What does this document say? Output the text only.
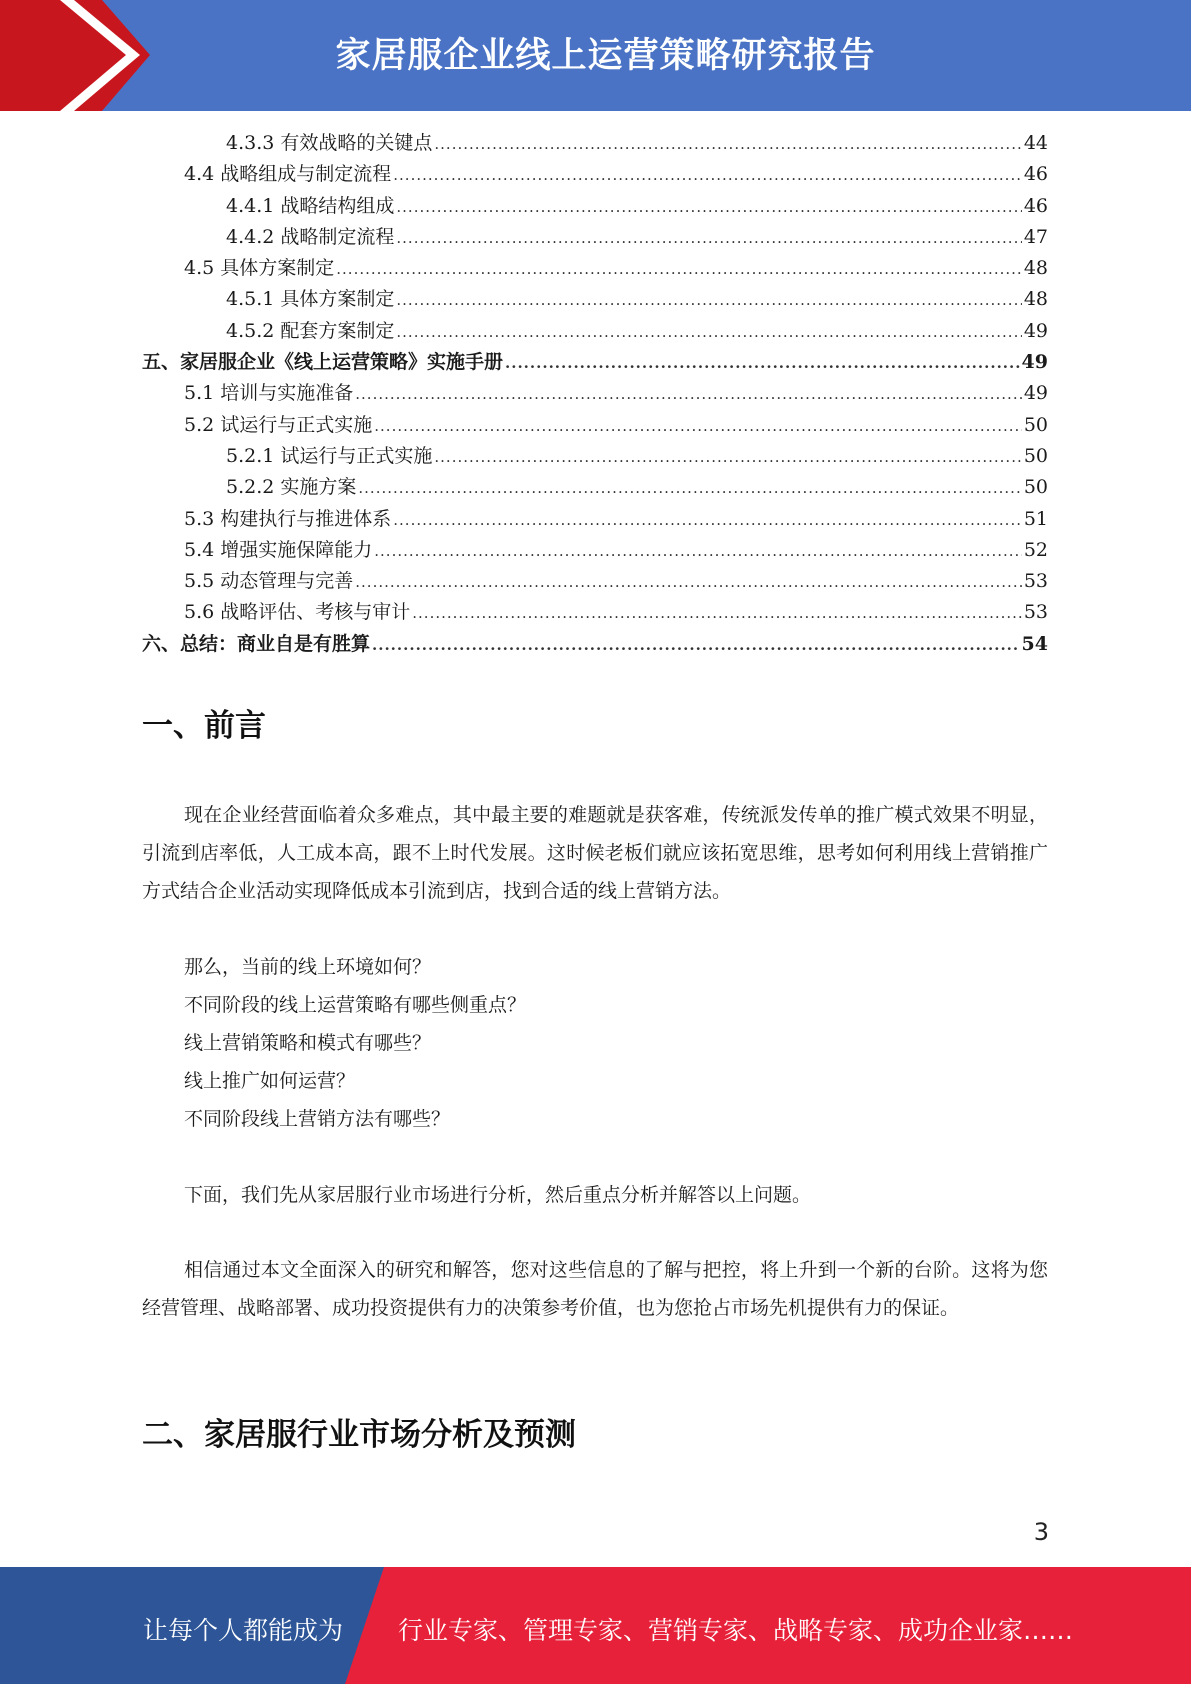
家居服企业线上运营策略研究报告
4.3.3 有效战略的关键点 .....	44
4.4 战略组成与制定流程 .....	46
4.4.1 战略结构组成 .....	46
4.4.2 战略制定流程 .....	47
4.5 具体方案制定 .....	48
4.5.1 具体方案制定 .....	48
4.5.2 配套方案制定 .....	49
五、家居服企业《线上运营策略》实施手册 .....	49
5.1 培训与实施准备 .....	49
5.2 试运行与正式实施 .....	50
5.2.1 试运行与正式实施 .....	50
5.2.2 实施方案 .....	50
5.3 构建执行与推进体系 .....	51
5.4 增强实施保障能力 .....	52
5.5 动态管理与完善 .....	53
5.6 战略评估、考核与审计 .....	53
六、总结：商业自是有胜算 .....	54
一、前言
现在企业经营面临着众多难点，其中最主要的难题就是获客难，传统派发传单的推广模式效果不明显，引流到店率低，人工成本高，跟不上时代发展。这时候老板们就应该拓宽思维，思考如何利用线上营销推广方式结合企业活动实现降低成本引流到店，找到合适的线上营销方法。
那么，当前的线上环境如何？
不同阶段的线上运营策略有哪些侧重点？
线上营销策略和模式有哪些？
线上推广如何运营？
不同阶段线上营销方法有哪些？
下面，我们先从家居服行业市场进行分析，然后重点分析并解答以上问题。
相信通过本文全面深入的研究和解答，您对这些信息的了解与把控，将上升到一个新的台阶。这将为您经营管理、战略部署、成功投资提供有力的决策参考价值，也为您抢占市场先机提供有力的保证。
二、家居服行业市场分析及预测
3
让每个人都能成为 行业专家、管理专家、营销专家、战略专家、成功企业家……
